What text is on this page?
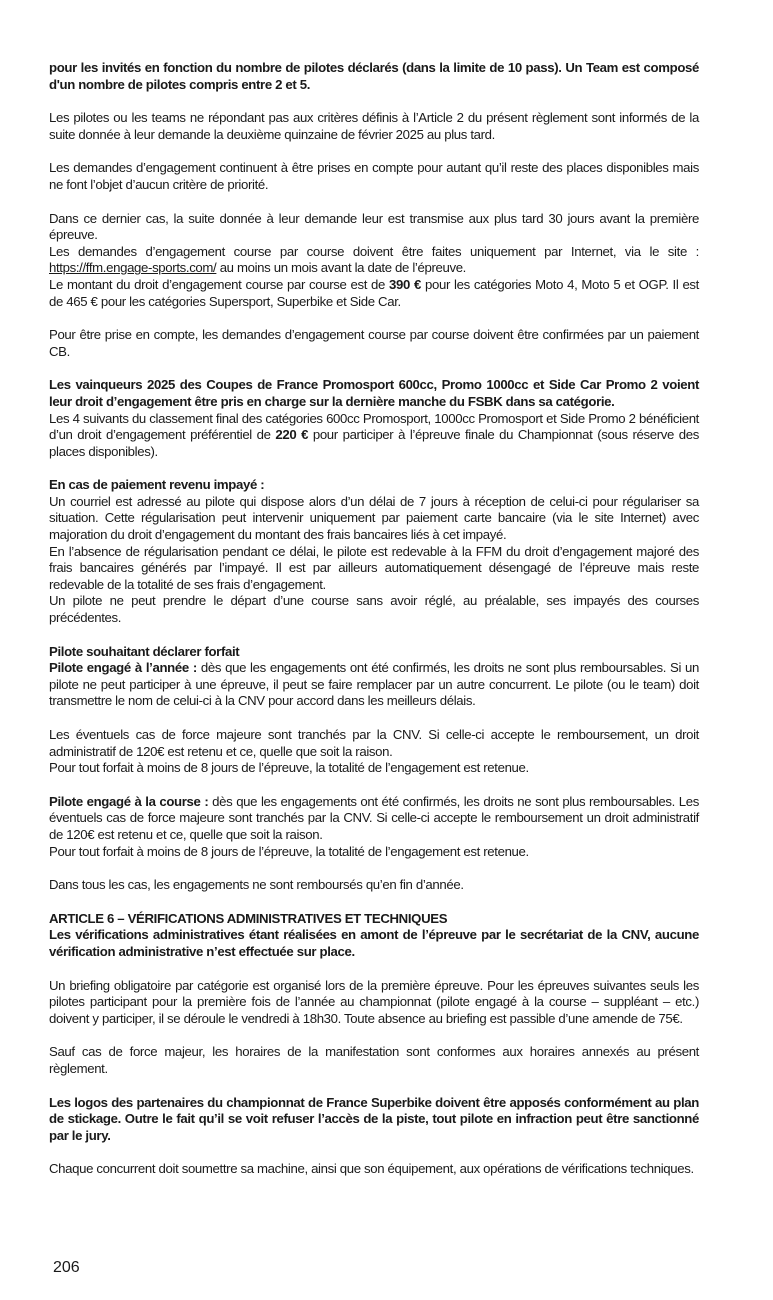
pour les invités en fonction du nombre de pilotes déclarés (dans la limite de 10 pass). Un Team est composé d'un nombre de pilotes compris entre 2 et 5.

Les pilotes ou les teams ne répondant pas aux critères définis à l’Article 2 du présent règlement sont informés de la suite donnée à leur demande la deuxième quinzaine de février 2025 au plus tard.

Les demandes d’engagement continuent à être prises en compte pour autant qu’il reste des places disponibles mais ne font l’objet d’aucun critère de priorité.

Dans ce dernier cas, la suite donnée à leur demande leur est transmise aux plus tard 30 jours avant la première épreuve.

Les demandes d’engagement course par course doivent être faites uniquement par Internet, via le site : https://ffm.engage-sports.com/ au moins un mois avant la date de l’épreuve.

Le montant du droit d’engagement course par course est de 390 € pour les catégories Moto 4, Moto 5 et OGP. Il est de 465 € pour les catégories Supersport, Superbike et Side Car.

Pour être prise en compte, les demandes d’engagement course par course doivent être confirmées par un paiement CB.

Les vainqueurs 2025 des Coupes de France Promosport 600cc, Promo 1000cc et Side Car Promo 2 voient leur droit d’engagement être pris en charge sur la dernière manche du FSBK dans sa catégorie.

Les 4 suivants du classement final des catégories 600cc Promosport, 1000cc Promosport et Side Promo 2 bénéficient d’un droit d’engagement préférentiel de 220 € pour participer à l’épreuve finale du Championnat (sous réserve des places disponibles).

En cas de paiement revenu impayé :

Un courriel est adressé au pilote qui dispose alors d’un délai de 7 jours à réception de celui-ci pour régulariser sa situation. Cette régularisation peut intervenir uniquement par paiement carte bancaire (via le site Internet) avec majoration du droit d’engagement du montant des frais bancaires liés à cet impayé.

En l’absence de régularisation pendant ce délai, le pilote est redevable à la FFM du droit d’engagement majoré des frais bancaires générés par l’impayé. Il est par ailleurs automatiquement désengagé de l’épreuve mais reste redevable de la totalité de ses frais d’engagement.

Un pilote ne peut prendre le départ d’une course sans avoir réglé, au préalable, ses impayés des courses précédentes.

Pilote souhaitant déclarer forfait

Pilote engagé à l’année : dès que les engagements ont été confirmés, les droits ne sont plus remboursables. Si un pilote ne peut participer à une épreuve, il peut se faire remplacer par un autre concurrent. Le pilote (ou le team) doit transmettre le nom de celui-ci à la CNV pour accord dans les meilleurs délais.

Les éventuels cas de force majeure sont tranchés par la CNV. Si celle-ci accepte le remboursement, un droit administratif de 120€ est retenu et ce, quelle que soit la raison.

Pour tout forfait à moins de 8 jours de l’épreuve, la totalité de l’engagement est retenue.

Pilote engagé à la course : dès que les engagements ont été confirmés, les droits ne sont plus remboursables. Les éventuels cas de force majeure sont tranchés par la CNV. Si celle-ci accepte le remboursement un droit administratif de 120€ est retenu et ce, quelle que soit la raison.

Pour tout forfait à moins de 8 jours de l’épreuve, la totalité de l’engagement est retenue.

Dans tous les cas, les engagements ne sont remboursés qu’en fin d’année.

ARTICLE 6 – VÉRIFICATIONS ADMINISTRATIVES ET TECHNIQUES

Les vérifications administratives étant réalisées en amont de l’épreuve par le secrétariat de la CNV, aucune vérification administrative n’est effectuée sur place.

Un briefing obligatoire par catégorie est organisé lors de la première épreuve. Pour les épreuves suivantes seuls les pilotes participant pour la première fois de l’année au championnat (pilote engagé à la course – suppléant – etc.) doivent y participer, il se déroule le vendredi à 18h30. Toute absence au briefing est passible d’une amende de 75€.

Sauf cas de force majeur, les horaires de la manifestation sont conformes aux horaires annexés au présent règlement.

Les logos des partenaires du championnat de France Superbike doivent être apposés conformément au plan de stickage. Outre le fait qu’il se voit refuser l’accès de la piste, tout pilote en infraction peut être sanctionné par le jury.

Chaque concurrent doit soumettre sa machine, ainsi que son équipement, aux opérations de vérifications techniques.

206
